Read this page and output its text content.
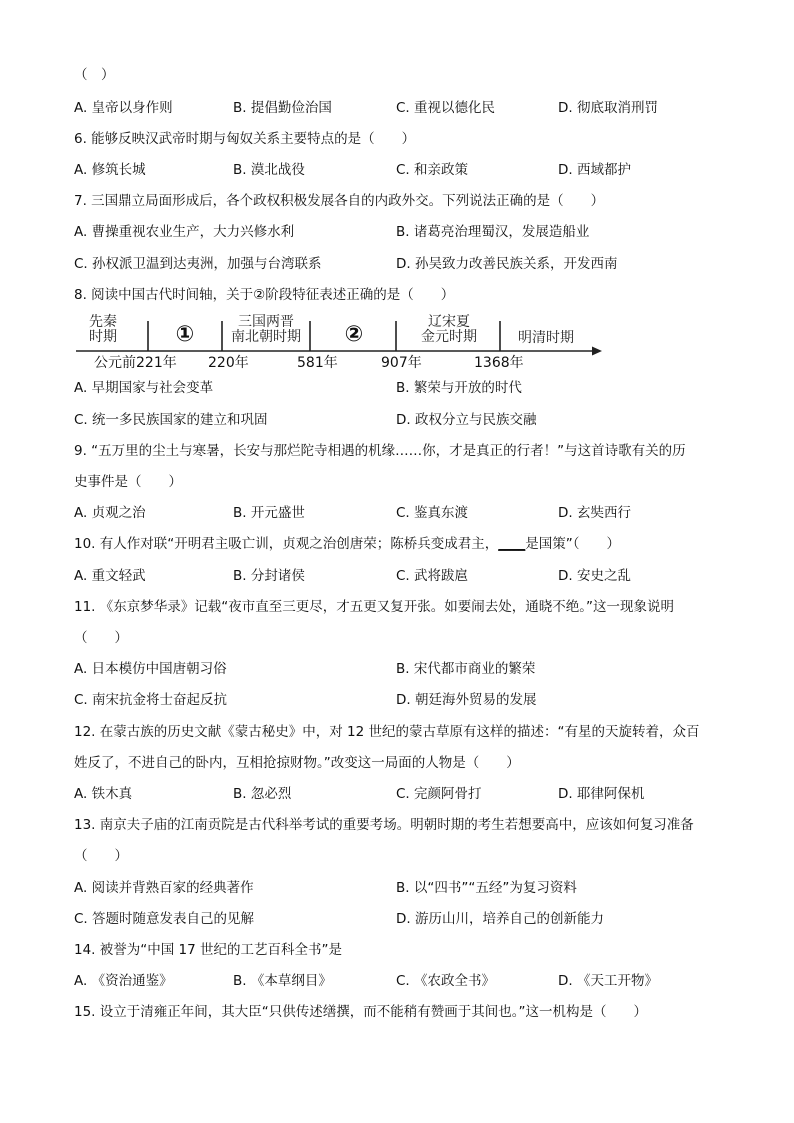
（　）
A. 皇帝以身作则	B. 提倡勤俭治国	C. 重视以德化民	D. 彻底取消刑罚
6. 能够反映汉武帝时期与匈奴关系主要特点的是（　　）
A. 修筑长城	B. 漠北战役	C. 和亲政策	D. 西域都护
7. 三国鼎立局面形成后，各个政权积极发展各自的内政外交。下列说法正确的是（　　）
A. 曹操重视农业生产，大力兴修水利	B. 诸葛亮治理蜀汉，发展造船业
C. 孙权派卫温到达夷洲，加强与台湾联系	D. 孙吴致力改善民族关系，开发西南
8. 阅读中国古代时间轴，关于②阶段特征表述正确的是（　　）
先秦
时期	①	三国两晋
南北朝时期	②	辽宋夏
金元时期	明清时期
公元前221年 220年	581年	907年	1368年
A. 早期国家与社会变革	B. 繁荣与开放的时代
C. 统一多民族国家的建立和巩固	D. 政权分立与民族交融
9. “五万里的尘土与寒暑，长安与那烂陀寺相遇的机缘……你，才是真正的行者！”与这首诗歌有关的历
史事件是（　　）
A. 贞观之治	B. 开元盛世	C. 鉴真东渡	D. 玄奘西行
10. 有人作对联“开明君主吸亡训，贞观之治创唐荣；陈桥兵变成君主，____是国策”（　　）
A. 重文轻武	B. 分封诸侯	C. 武将跋扈	D. 安史之乱
11. 《东京梦华录》记载“夜市直至三更尽，才五更又复开张。如要闹去处，通晓不绝。”这一现象说明
（　　）
A. 日本模仿中国唐朝习俗	B. 宋代都市商业的繁荣
C. 南宋抗金将士奋起反抗	D. 朝廷海外贸易的发展
12. 在蒙古族的历史文献《蒙古秘史》中，对 12 世纪的蒙古草原有这样的描述：“有星的天旋转着，众百
姓反了，不进自己的卧内，互相抢掠财物。”改变这一局面的人物是（　　）
A. 铁木真	B. 忽必烈	C. 完颜阿骨打	D. 耶律阿保机
13. 南京夫子庙的江南贡院是古代科举考试的重要考场。明朝时期的考生若想要高中，应该如何复习准备
（　　）
A. 阅读并背熟百家的经典著作	B. 以“四书”“五经”为复习资料
C. 答题时随意发表自己的见解	D. 游历山川，培养自己的创新能力
14. 被誉为“中国 17 世纪的工艺百科全书”是
A. 《资治通鉴》	B. 《本草纲目》	C. 《农政全书》	D. 《天工开物》
15. 设立于清雍正年间，其大臣“只供传述缮撰，而不能稍有赞画于其间也。”这一机构是（　　）
